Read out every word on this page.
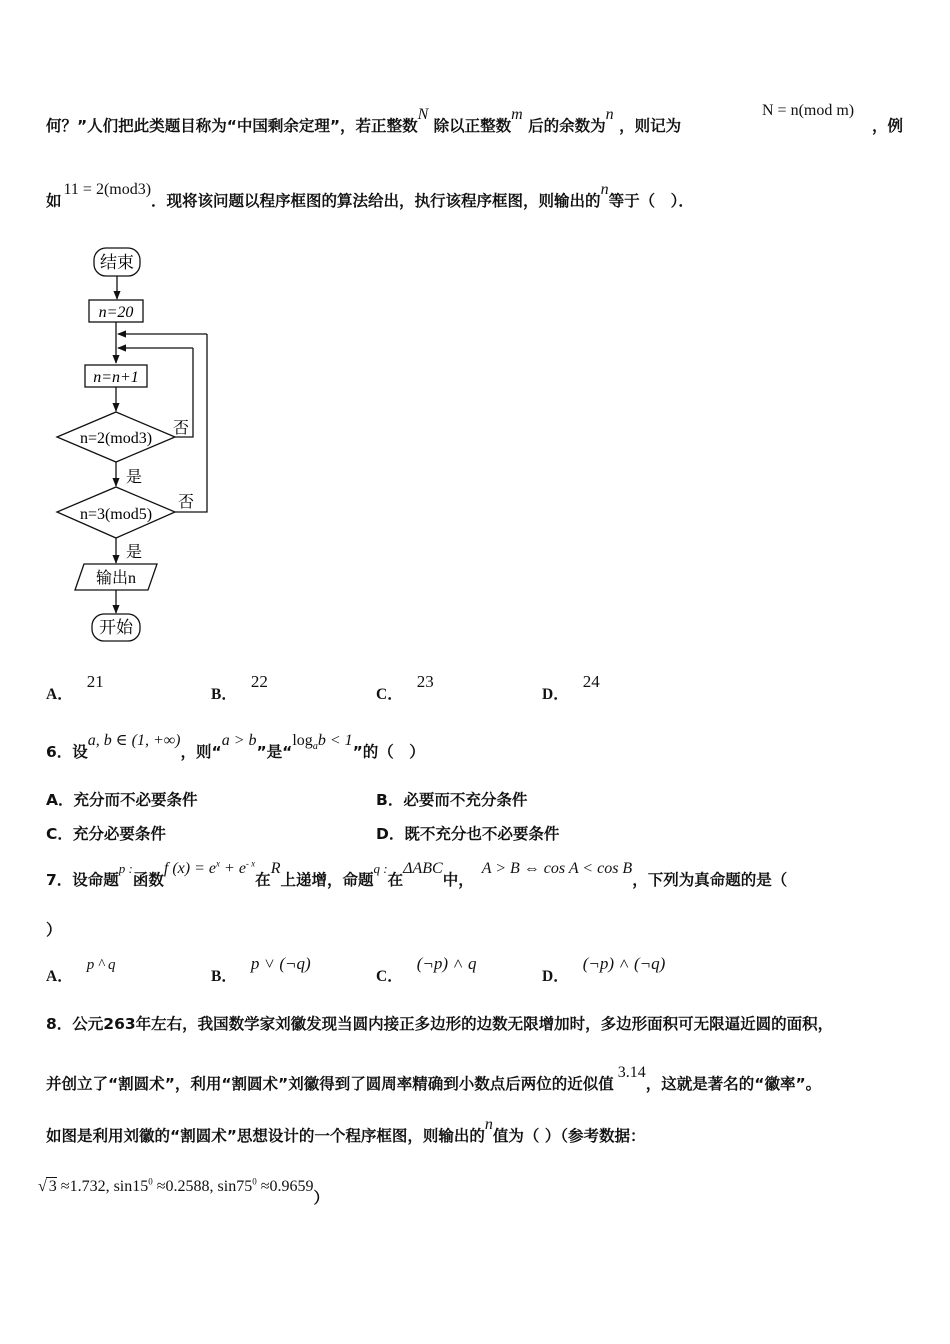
何？”人们把此类题目称为“中国剩余定理”，若正整数N 除以正整数m 后的余数为n ，则记为
N = n(mod m)
，例
如11 = 2(mod3)．现将该问题以程序框图的算法给出，执行该程序框图，则输出的n等于（　）．
结束
n=20
n=n+1
n=2(mod3)
否
是
n=3(mod5)
否
是
输出n
开始
A．21
B．22
C．23
D．24
6．设a, b ∈ (1, +∞)，则“a > b”是“$\log_ab < 1$”的（　）
A．充分而不必要条件	B．必要而不充分条件
C．充分必要条件	D．既不充分也不必要条件
7．设命题$^{p :}$函数f $(x) = e^x + e^{- x}$在R上递增，命题$^{q :}$在ΔABC中，A > B ⇔ cos A < cos B，下列为真命题的是（
）
A．p ^ q
B．p ˅ (¬q)
C．(¬p) ˄ q
D．(¬p) ˄ (¬q)
8．公元263年左右，我国数学家刘徽发现当圆内接正多边形的边数无限增加时，多边形面积可无限逼近圆的面积，
并创立了“割圆术”，利用“割圆术”刘徽得到了圆周率精确到小数点后两位的近似值3.14，这就是著名的“徽率”。
如图是利用刘徽的“割圆术”思想设计的一个程序框图，则输出的n值为（ ）（参考数据：
√ 3 ≈1.732, $\sin 15^0 \approx 0.2588$, $\sin 75^0 \approx 0.9659$）
